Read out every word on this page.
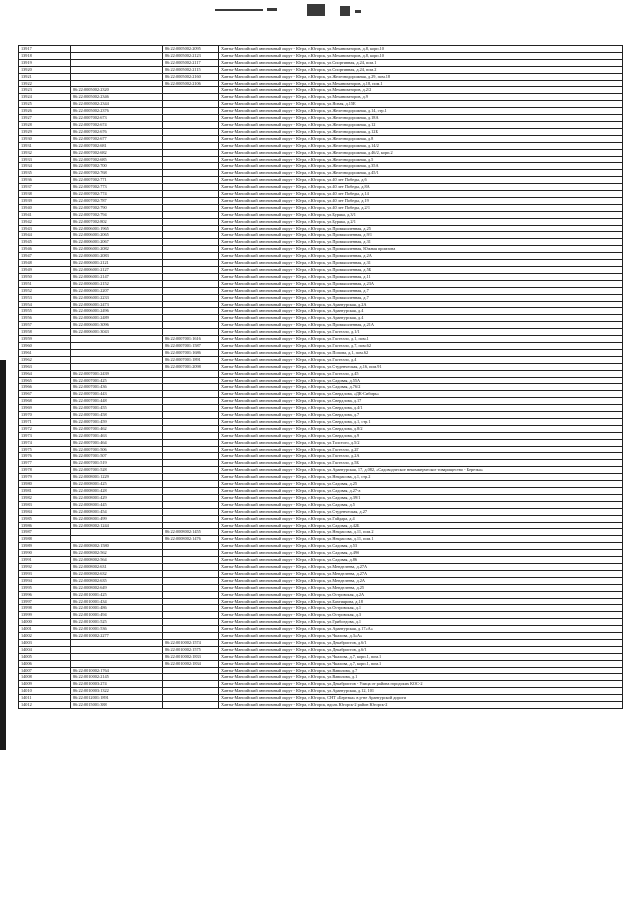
13917		86:22:0005002:2095	Ханты-Мансийский автономный округ - Югра, г.Югорск, ул.Механизаторов, д.8, корп.10
13918		86:22:0005002:2123	Ханты-Мансийский автономный округ - Югра, г.Югорск, ул.Механизаторов, д.8, корп.10
13919		86:22:0005002:2117	Ханты-Мансийский автономный округ - Югра, г.Югорск, ул.Спортивная, д.24, пом.1
13920		86:22:0005002:2115	Ханты-Мансийский автономный округ - Югра, г.Югорск, ул.Спортивная, д.24, пом.2
13921		86:22:0005002:2160	Ханты-Мансийский автономный округ - Югра, г.Югорск, ул.Железнодорожная, д.29, пом.18
13922		86:22:0005002:2106	Ханты-Мансийский автономный округ - Югра, г.Югорск, ул.Механизаторов, д.18, пом.1
13923	86:22:0005002:2320		Ханты-Мансийский автономный округ - Югра, г.Югорск, ул.Механизаторов, д.2/2
13924	86:22:0005002:2346		Ханты-Мансийский автономный округ - Югра, г.Югорск, ул.Механизаторов, д.9
13925	86:22:0005002:2344		Ханты-Мансийский автономный округ - Югра, г.Югорск, ул.Ясная, д.15Е
13926	86:22:0005002:2376		Ханты-Мансийский автономный округ - Югра, г.Югорск, ул.Железнодорожная, д.14, стр.1
13927	86:22:0007002:673		Ханты-Мансийский автономный округ - Югра, г.Югорск, ул.Железнодорожная, д.18А
13928	86:22:0007002:674		Ханты-Мансийский автономный округ - Югра, г.Югорск, ул.Железнодорожная, д.12
13929	86:22:0007002:676		Ханты-Мансийский автономный округ - Югра, г.Югорск, ул.Железнодорожная, д.12Б
13930	86:22:0007002:677		Ханты-Мансийский автономный округ - Югра, г.Югорск, ул.Железнодорожная, д.8
13931	86:22:0007002:681		Ханты-Мансийский автономный округ - Югра, г.Югорск, ул.Железнодорожная, д.14/2
13932	86:22:0007002:682		Ханты-Мансийский автономный округ - Югра, г.Югорск, ул.Железнодорожная, д.46/2, корп.2
13933	86:22:0007002:685		Ханты-Мансийский автономный округ - Югра, г.Югорск, ул.Железнодорожная, д.5
13934	86:22:0007002:700		Ханты-Мансийский автономный округ - Югра, г.Югорск, ул.Железнодорожная, д.35А
13935	86:22:0007002:768		Ханты-Мансийский автономный округ - Югра, г.Югорск, ул.Железнодорожная, д.45/1
13936	86:22:0007002:771		Ханты-Мансийский автономный округ - Югра, г.Югорск, ул.40 лет Победы, д.6
13937	86:22:0007002:773		Ханты-Мансийский автономный округ - Югра, г.Югорск, ул.40 лет Победы, д.8А
13938	86:22:0007002:774		Ханты-Мансийский автономный округ - Югра, г.Югорск, ул.40 лет Победы, д.14
13939	86:22:0007002:787		Ханты-Мансийский автономный округ - Югра, г.Югорск, ул.40 лет Победы, д.19
13940	86:22:0007002:790		Ханты-Мансийский автономный округ - Югра, г.Югорск, ул.40 лет Победы, д.2/1
13941	86:22:0007002:794		Ханты-Мансийский автономный округ - Югра, г.Югорск, ул.Буряка, д.3/1
13942	86:22:0007002:802		Ханты-Мансийский автономный округ - Югра, г.Югорск, ул.Буряка, д.2/1
13943	86:22:0006001:1965		Ханты-Мансийский автономный округ - Югра, г.Югорск, ул.Промышленная, д.25
13944	86:22:0006001:2065		Ханты-Мансийский автономный округ - Югра, г.Югорск, ул.Промышленная, д.9/1
13945	86:22:0006001:2067		Ханты-Мансийский автономный округ - Югра, г.Югорск, ул.Промышленная, д.31
13946	86:22:0006001:2082		Ханты-Мансийский автономный округ - Югра, г.Югорск, ул.Промышленная, Южная промзона
13947	86:22:0006001:2083		Ханты-Мансийский автономный округ - Югра, г.Югорск, ул.Промышленная, д.2А
13948	86:22:0006001:2121		Ханты-Мансийский автономный округ - Югра, г.Югорск, ул.Промышленная, д.31
13949	86:22:0006001:2127		Ханты-Мансийский автономный округ - Югра, г.Югорск, ул.Промышленная, д.5Б
13950	86:22:0006001:2147		Ханты-Мансийский автономный округ - Югра, г.Югорск, ул.Промышленная, д.11
13951	86:22:0006001:2152		Ханты-Мансийский автономный округ - Югра, г.Югорск, ул.Промышленная, д.23А
13952	86:22:0006001:2207		Ханты-Мансийский автономный округ - Югра, г.Югорск, ул.Промышленная, д.7
13953	86:22:0006001:2233		Ханты-Мансийский автономный округ - Югра, г.Югорск, ул.Промышленная, д.7
13954	86:22:0006001:2473		Ханты-Мансийский автономный округ - Югра, г.Югорск, ул.Арантурская, д.2А
13955	86:22:0006001:2496		Ханты-Мансийский автономный округ - Югра, г.Югорск, ул.Арантурская, д.4
13956	86:22:0006001:2489		Ханты-Мансийский автономный округ - Югра, г.Югорск, ул.Арантурская, д.4
13957	86:22:0006001:3096		Ханты-Мансийский автономный округ - Югра, г.Югорск, ул.Промышленная, д.21А
13958	86:22:0006001:3043		Ханты-Мансийский автономный округ - Югра, г.Югорск, ул.Гастелло, д.1/1
13959		86:22:0007001:1616	Ханты-Мансийский автономный округ - Югра, г.Югорск, ул.Гастелло, д.1, пом.1
13960		86:22:0007001:1587	Ханты-Мансийский автономный округ - Югра, г.Югорск, ул.Гастелло, д.7, пом.62
13961		86:22:0007001:1686	Ханты-Мансийский автономный округ - Югра, г.Югорск, ул.Попова, д.1, пом.62
13962		86:22:0007001:1891	Ханты-Мансийский автономный округ - Югра, г.Югорск, ул.Гастелло, д.4
13963		86:22:0007001:2098	Ханты-Мансийский автономный округ - Югра, г.Югорск, ул.Студенческая, д.16, пом.91
13964	86:22:0007001:2439		Ханты-Мансийский автономный округ - Югра, г.Югорск, ул.Гастелло, д.45
13965	86:22:0007001:425		Ханты-Мансийский автономный округ - Югра, г.Югорск, ул.Садовая, д.55А
13966	86:22:0007001:436		Ханты-Мансийский автономный округ - Югра, г.Югорск, ул.Садовая, д.76/2
13967	86:22:0007001:443		Ханты-Мансийский автономный округ - Югра, г.Югорск, ул.Свердлова, «ДК-Сибирь»
13968	86:22:0007001:448		Ханты-Мансийский автономный округ - Югра, г.Югорск, ул.Свердлова, д.17
13969	86:22:0007001:455		Ханты-Мансийский автономный округ - Югра, г.Югорск, ул.Свердлова, д.4/1
13970	86:22:0007001:458		Ханты-Мансийский автономный округ - Югра, г.Югорск, ул.Свердлова, д.7
13971	86:22:0007001:459		Ханты-Мансийский автономный округ - Югра, г.Югорск, ул.Свердлова, д.1, стр.1
13972	86:22:0007001:462		Ханты-Мансийский автономный округ - Югра, г.Югорск, ул.Свердлова, д.8/2
13973	86:22:0007001:463		Ханты-Мансийский автономный округ - Югра, г.Югорск, ул.Свердлова, д.9
13974	86:22:0007001:464		Ханты-Мансийский автономный округ - Югра, г.Югорск, ул.Толстого, д.5/2
13975	86:22:0007001:506		Ханты-Мансийский автономный округ - Югра, г.Югорск, ул.Гастелло, д.2Г
13976	86:22:0007001:507		Ханты-Мансийский автономный округ - Югра, г.Югорск, ул.Гастелло, д.2А
13977	86:22:0007001:519		Ханты-Мансийский автономный округ - Югра, г.Югорск, ул.Гастелло, д.5Б
13978	86:22:0007001:528		Ханты-Мансийский автономный округ - Югра, г.Югорск, ул.Арантурская, 17, д.082, «Садоводческое некоммерческое товарищество - Березка»
13979	86:22:0008001:1229		Ханты-Мансийский автономный округ - Югра, г.Югорск, ул.Некрасова, д.1, стр.2
13980	86:22:0008001:425		Ханты-Мансийский автономный округ - Югра, г.Югорск, ул.Садовая, д.25
13981	86:22:0008001:428		Ханты-Мансийский автономный округ - Югра, г.Югорск, ул.Садовая, д.27-а
13982	86:22:0008001:429		Ханты-Мансийский автономный округ - Югра, г.Югорск, ул.Садовая, д.39/1
13983	86:22:0008001:445		Ханты-Мансийский автономный округ - Югра, г.Югорск, ул.Садовая, д.5
13984	86:22:0008001:454		Ханты-Мансийский автономный округ - Югра, г.Югорск, ул.Студенческая, д.27
13985	86:22:0008001:499		Ханты-Мансийский автономный округ - Югра, г.Югорск, ул.Гайдара, д.4
13986	86:22:0008002:1244		Ханты-Мансийский автономный округ - Югра, г.Югорск, ул.Садовая, д.42Б
13987		86:22:0008002:1455	Ханты-Мансийский автономный округ - Югра, г.Югорск, ул.Некрасова, д.11, пом.2
13988		86:22:0008002:1476	Ханты-Мансийский автономный округ - Югра, г.Югорск, ул.Некрасова, д.11, пом.1
13989	86:22:0008002:1580		Ханты-Мансийский автономный округ - Югра, г.Югорск, ул.Садовая, д.53
13990	86:22:0008002:562		Ханты-Мансийский автономный округ - Югра, г.Югорск, ул.Садовая, д.49б
13991	86:22:0008002:564		Ханты-Мансийский автономный округ - Югра, г.Югорск, ул.Садовая, д.86
13992	86:22:0008002:631		Ханты-Мансийский автономный округ - Югра, г.Югорск, ул.Менделеева, д.27А
13993	86:22:0008002:632		Ханты-Мансийский автономный округ - Югра, г.Югорск, ул.Менделеева, д.27А
13994	86:22:0008002:635		Ханты-Мансийский автономный округ - Югра, г.Югорск, ул.Менделеева, д.2А
13995	86:22:0008002:649		Ханты-Мансийский автономный округ - Югра, г.Югорск, ул.Менделеева, д.25
13996	86:22:0010001:425		Ханты-Мансийский автономный округ - Югра, г.Югорск, ул.Островская, д.2А
13997	86:22:0010001:434		Ханты-Мансийский автономный округ - Югра, г.Югорск, ул.Бахтиярова, д.18
13998	86:22:0010001:486		Ханты-Мансийский автономный округ - Югра, г.Югорск, ул.Островская, д.1
13999	86:22:0010001:494		Ханты-Мансийский автономный округ - Югра, г.Югорск, ул.Островская, д.3
14000	86:22:0010001:525		Ханты-Мансийский автономный округ - Югра, г.Югорск, ул.Грибоедова, д.1
14001	86:22:0010001:536		Ханты-Мансийский автономный округ - Югра, г.Югорск, ул.Арантурская, д.17«А»
14002	86:22:0010002:2277		Ханты-Мансийский автономный округ - Югра, г.Югорск, ул.Чкалова, д.3«А»
14003		86:22:0010002:1574	Ханты-Мансийский автономный округ - Югра, г.Югорск, ул.Декабристов, д.6/1
14004		86:22:0010002:1575	Ханты-Мансийский автономный округ - Югра, г.Югорск, ул.Декабристов, д.6/1
14005		86:22:0010002:1833	Ханты-Мансийский автономный округ - Югра, г.Югорск, ул.Чкалова, д.7, корп.1, пом.1
14006		86:22:0010002:1834	Ханты-Мансийский автономный округ - Югра, г.Югорск, ул.Чкалова, д.7, корп.1, пом.1
14007	86:22:0010002:1764		Ханты-Мансийский автономный округ - Югра, г.Югорск, ул.Вавилова, д.7
14008	86:22:0010002:2145		Ханты-Мансийский автономный округ - Югра, г.Югорск, ул.Вавилова, д.1
14009	86:22:0010003:274		Ханты-Мансийский автономный округ - Югра, г.Югорск, ул.Декабристов - Улица от района городских КОС-2
14010	86:22:0010003:1322		Ханты-Мансийский автономный округ - Югра, г.Югорск, ул.Арантурская, д.12, 101
14011	86:22:0012001:1891		Ханты-Мансийский автономный округ - Югра, г.Югорск, СНТ «Березка» в р-не Арантурской дороги
14012	86:22:0015001:388		Ханты-Мансийский автономный округ - Югра, г.Югорск, вдоль Югорск-2 район Югорск-2
